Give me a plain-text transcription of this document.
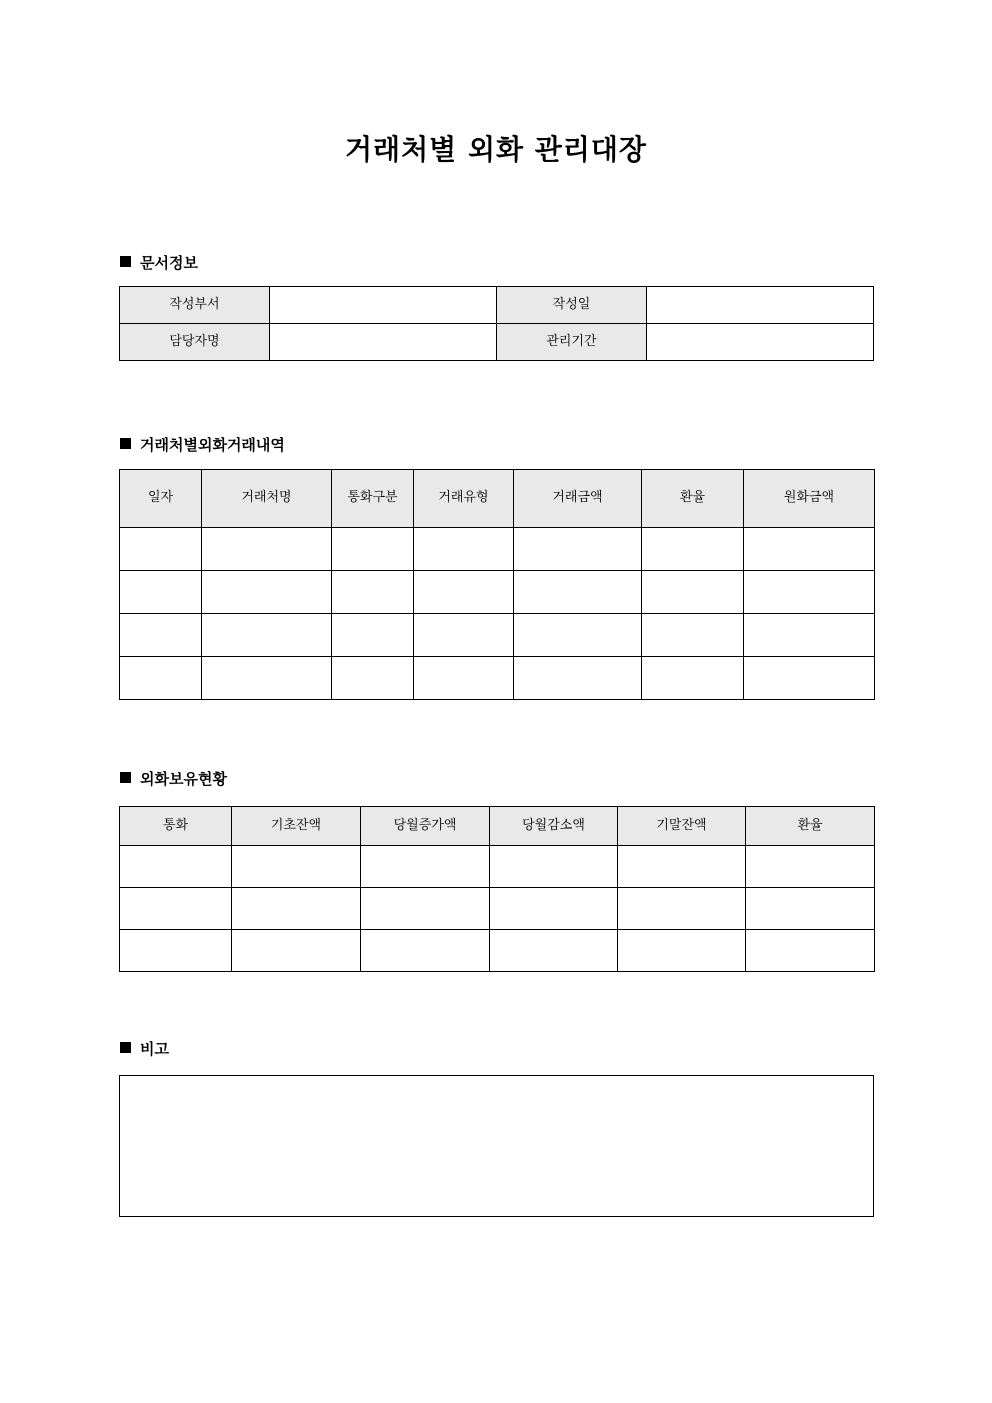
거래처별 외화 관리대장
문서정보
작성부서		작성일	
담당자명		관리기간	
거래처별외화거래내역
일자	거래처명	통화구분	거래유형	거래금액	환율	원화금액

외화보유현황
통화	기초잔액	당월증가액	당월감소액	기말잔액	환율

비고
